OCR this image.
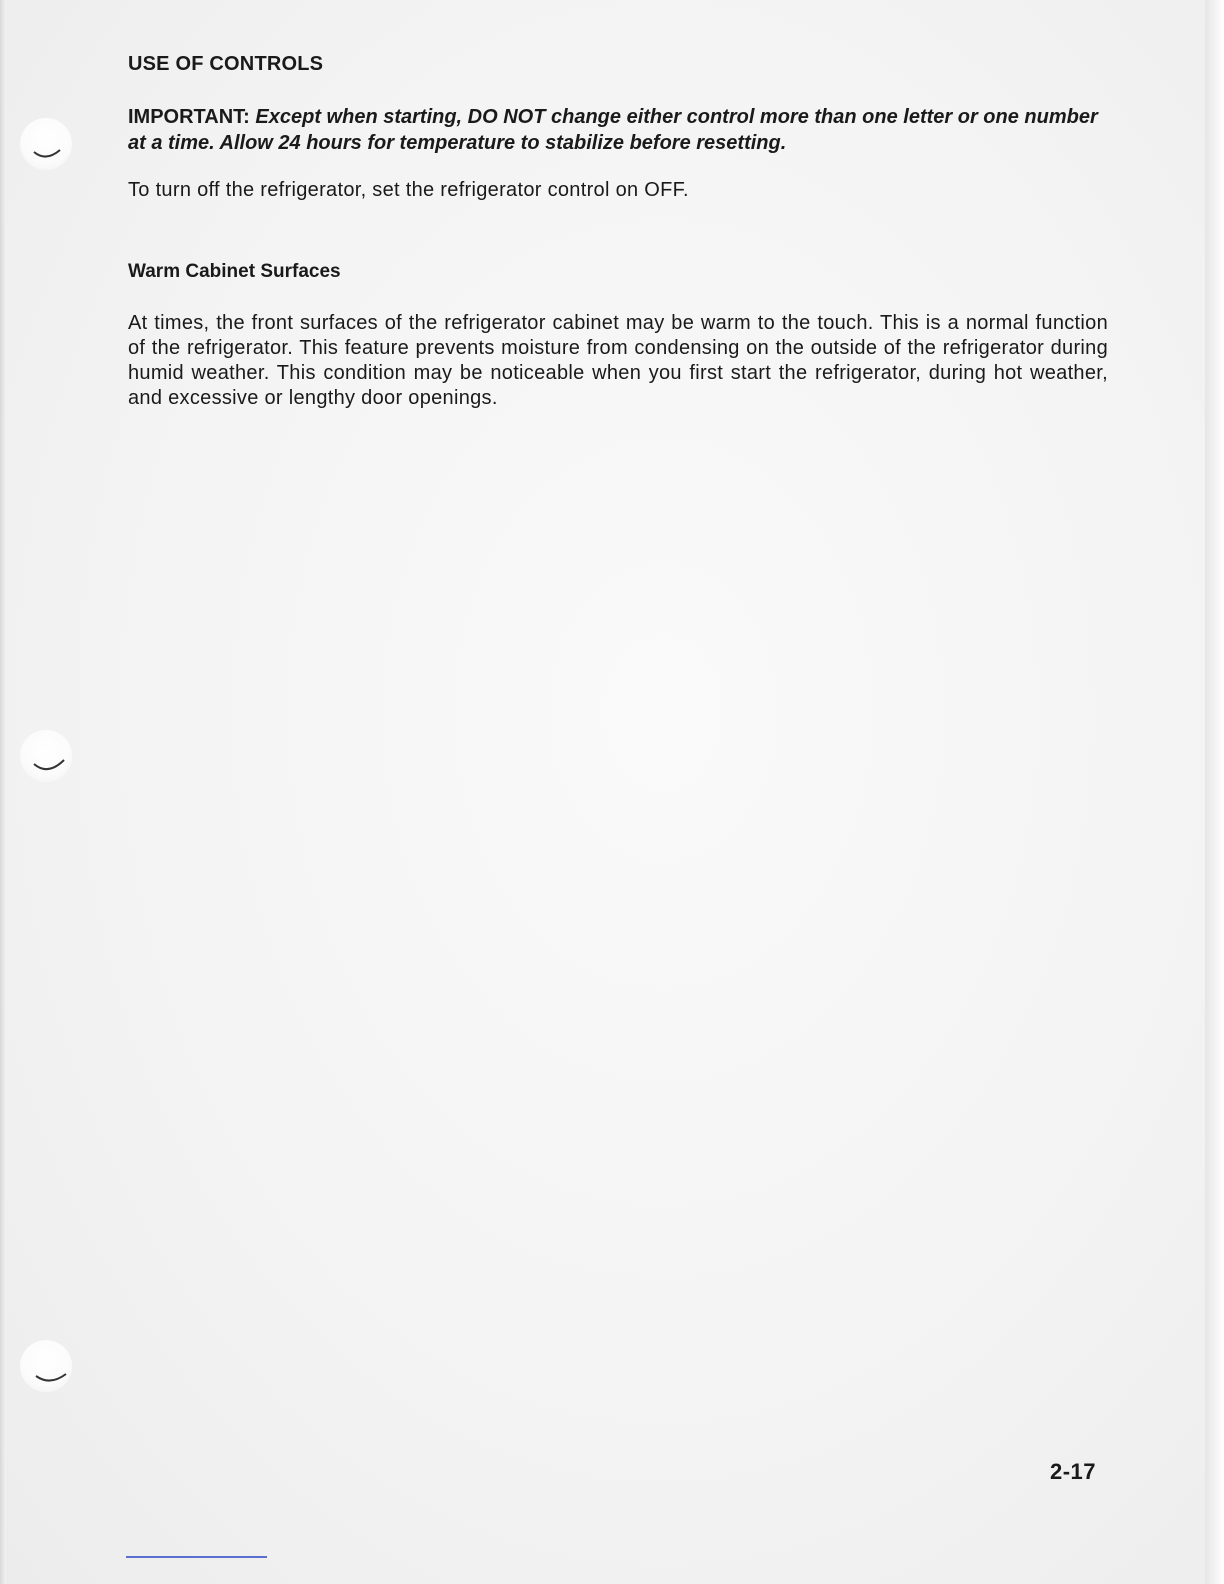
USE OF CONTROLS
IMPORTANT: Except when starting, DO NOT change either control more than one letter or one number at a time. Allow 24 hours for temperature to stabilize before resetting.
To turn off the refrigerator, set the refrigerator control on OFF.
Warm Cabinet Surfaces
At times, the front surfaces of the refrigerator cabinet may be warm to the touch. This is a normal function of the refrigerator. This feature prevents moisture from condensing on the outside of the refrigerator during humid weather. This condition may be noticeable when you first start the refrigerator, during hot weather, and excessive or lengthy door openings.
2-17
